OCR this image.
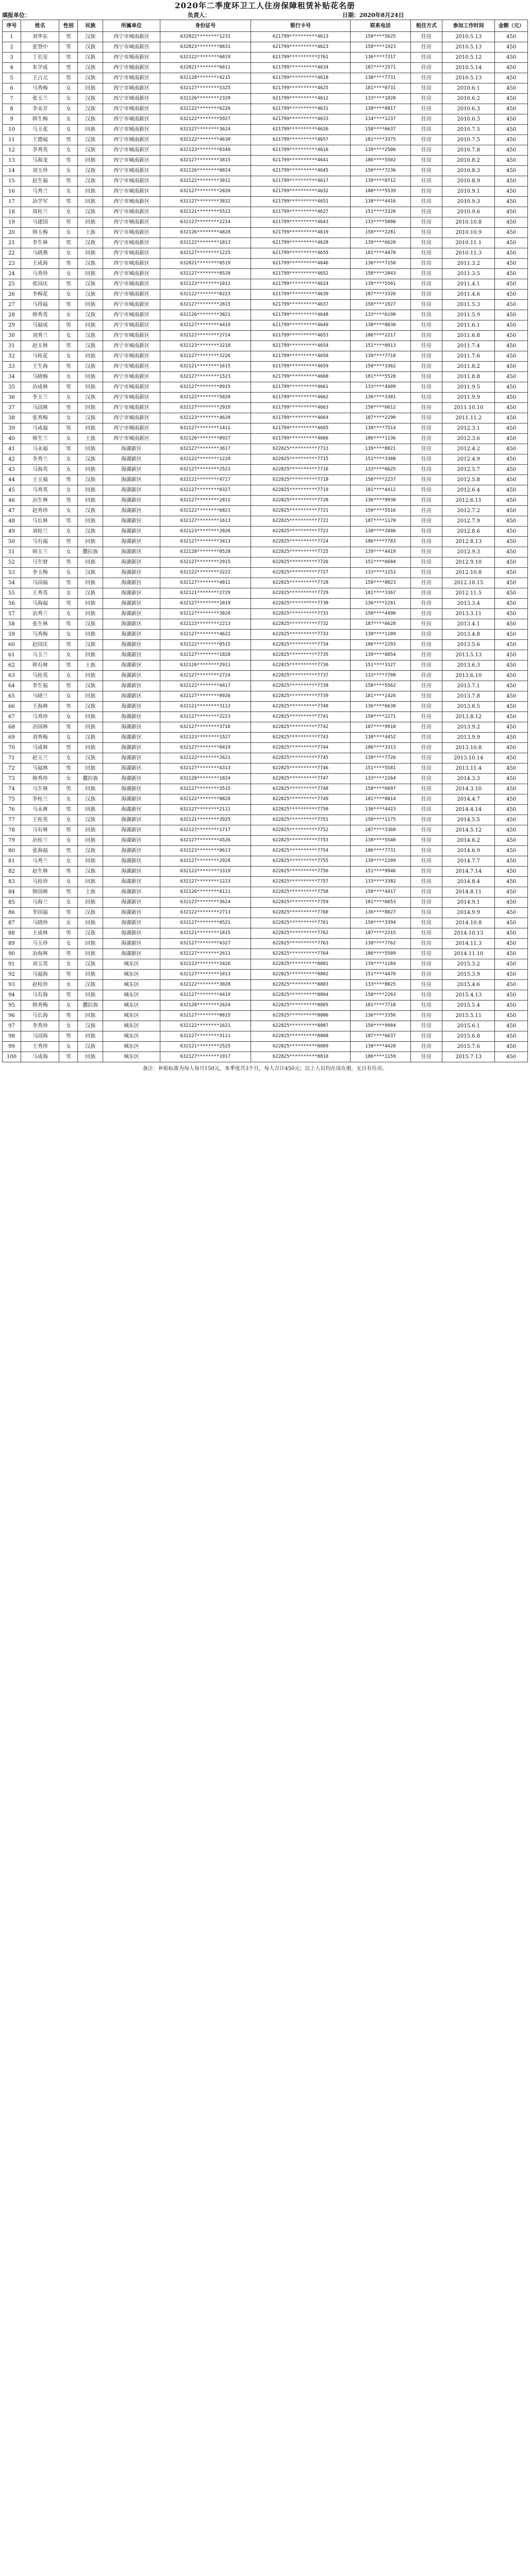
2020年二季度环卫工人住房保障租赁补贴花名册
填报单位：	负责人：	日期：2020年8月24日
序号	姓名	性别	民族	所属单位	身份证号	银行卡号	联系电话	租住方式	参加工作时间	金额（元）
1	刘华东	男	汉族	西宁市城南新区	632822********1231	621799**********4613	158****5625	住房	2010.5.13	450
2	张登中	男	汉族	西宁市城南新区	632823********0831	621799**********4623	158****1923	住房	2010.5.13	450
3	丁长安	男	汉族	西宁市城南新区	632122********6019	621799**********2761	136****7217	住房	2010.5.12	450
4	朱学成	男	汉族	西宁市城南新区	632821********6011	621799**********4634	187****2571	住房	2010.5.14	450
5	王占元	男	汉族	西宁市城南新区	632128********4215	621799**********4618	138****7731	住房	2010.5.13	450
6	马秀梅	女	回族	西宁市城南新区	632127********5325	621799**********4625	181****0731	住房	2010.6.1	450
7	张玉兰	女	汉族	西宁市城南新区	632126********2320	621799**********4612	133****1820	住房	2010.6.2	450
8	李永芳	女	汉族	西宁市城南新区	632122********6226	621799**********4631	138****0817	住房	2010.6.3	450
9	韩生梅	女	汉族	西宁市城南新区	632122********5927	621799**********4633	134****1237	住房	2010.6.3	450
10	马玉花	女	回族	西宁市城南新区	632127********3624	621799**********4626	158****6637	住房	2010.7.5	450
11	王德福	男	汉族	西宁市城南新区	632122********4630	621799**********4657	181****3375	住房	2010.7.5	450
12	李秀英	女	汉族	西宁市城南新区	632123********0348	621799**********4616	139****2506	住房	2010.7.8	450
13	马海龙	男	回族	西宁市城南新区	632127********3815	621799**********4641	186****5502	住房	2010.8.2	450
14	刘玉珍	女	汉族	西宁市城南新区	632126********0024	621799**********4645	150****7236	住房	2010.8.3	450
15	赵生福	男	汉族	西宁市城南新区	632122********3011	621799**********4617	139****0712	住房	2010.8.9	450
16	马秀兰	女	回族	西宁市城南新区	632127********2020	621799**********4632	188****5539	住房	2010.9.1	450
17	冶学军	男	回族	西宁市城南新区	632127********3832	621799**********4651	138****4416	住房	2010.9.3	450
18	周桂兰	女	汉族	西宁市城南新区	632121********5522	621799**********4627	151****3326	住房	2010.9.6	450
19	马建国	男	回族	西宁市城南新区	632127********2214	621799**********4643	133****5806	住房	2010.10.8	450
20	韩玉梅	女	土族	西宁市城南新区	632126********4828	621799**********4619	158****2281	住房	2010.10.9	450
21	李生林	男	汉族	西宁市城南新区	632122********1813	621799**********4628	139****6620	住房	2010.11.1	450
22	马晓燕	女	回族	西宁市城南新区	632127********1225	621799**********4655	181****4470	住房	2010.11.3	450
23	王成海	男	汉族	西宁市城南新区	632821********0519	621799**********4646	136****7158	住房	2011.3.2	450
24	马秀珍	女	回族	西宁市城南新区	632127********0528	621799**********4652	150****2043	住房	2011.3.5	450
25	张国庆	男	汉族	西宁市城南新区	632123********1011	621799**********4624	139****5501	住房	2011.4.1	450
26	李梅花	女	汉族	西宁市城南新区	632122********0223	621799**********4639	187****3326	住房	2011.4.6	450
27	马得福	男	回族	西宁市城南新区	632127********2815	621799**********4637	158****1927	住房	2011.5.3	450
28	韩秀英	女	汉族	西宁市城南新区	632126********3821	621799**********4648	133****6190	住房	2011.5.9	450
29	马福成	男	回族	西宁市城南新区	632127********4419	621799**********4649	138****8830	住房	2011.6.1	450
30	刘秀兰	女	汉族	西宁市城南新区	632122********2724	621799**********4653	186****2217	住房	2011.6.8	450
31	赵玉林	男	汉族	西宁市城南新区	632123********3218	621799**********4654	151****0913	住房	2011.7.4	450
32	马桂花	女	回族	西宁市城南新区	632127********3226	621799**********4658	139****7718	住房	2011.7.6	450
33	王生海	男	汉族	西宁市城南新区	632121********1615	621799**********4659	158****3362	住房	2011.8.2	450
34	马晓梅	女	回族	西宁市城南新区	632127********1523	621799**********4660	181****5528	住房	2011.8.8	450
35	冶成林	男	回族	西宁市城南新区	632127********0915	621799**********4661	133****4409	住房	2011.9.5	450
36	李玉兰	女	汉族	西宁市城南新区	632122********5020	621799**********4662	136****3301	住房	2011.9.9	450
37	马国林	男	回族	西宁市城南新区	632127********2919	621799**********4663	150****6612	住房	2011.10.10	450
38	张秀梅	女	汉族	西宁市城南新区	632123********4620	621799**********4664	187****2290	住房	2011.11.2	450
39	马成福	男	回族	西宁市城南新区	632127********1411	621799**********4665	138****7514	住房	2012.3.1	450
40	韩生兰	女	土族	西宁市城南新区	632126********0927	621799**********4666	186****1136	住房	2012.3.6	450
41	马永福	男	回族	海湖新区	632127********3617	622825**********7713	139****8821	住房	2012.4.2	450
42	李秀兰	女	汉族	海湖新区	632122********1220	622825**********7715	151****3308	住房	2012.4.9	450
43	马海英	女	回族	海湖新区	632127********2523	622825**********7716	133****6625	住房	2012.5.7	450
44	王玉福	男	汉族	海湖新区	632121********4717	622825**********7718	158****2237	住房	2012.5.8	450
45	马秀英	女	回族	海湖新区	632127********0327	622825**********7719	181****4412	住房	2012.6.4	450
46	冶生林	男	回族	海湖新区	632127********2811	622825**********7720	136****9930	住房	2012.6.11	450
47	赵秀珍	女	汉族	海湖新区	632122********6821	622825**********7721	150****5516	住房	2012.7.2	450
48	马长林	男	回族	海湖新区	632127********1613	622825**********7722	187****1170	住房	2012.7.9	450
49	刘桂兰	女	汉族	海湖新区	632123********2026	622825**********7723	138****2846	住房	2012.8.6	450
50	马有福	男	回族	海湖新区	632127********3413	622825**********7724	186****7783	住房	2012.8.13	450
51	韩玉兰	女	撒拉族	海湖新区	632128********0520	622825**********7725	139****4419	住房	2012.9.3	450
52	马生财	男	回族	海湖新区	632127********2915	622825**********7726	151****6604	住房	2012.9.10	450
53	李玉梅	女	汉族	海湖新区	632122********3222	622825**********7727	133****1152	住房	2012.10.8	450
54	马国福	男	回族	海湖新区	632127********4011	622825**********7728	158****8823	住房	2012.10.15	450
55	王秀英	女	汉族	海湖新区	632121********2729	622825**********7729	181****3367	住房	2012.11.5	450
56	马海福	男	回族	海湖新区	632127********1019	622825**********7730	136****2281	住房	2013.3.4	450
57	冶秀兰	女	回族	海湖新区	632127********3820	622825**********7731	150****4490	住房	2013.3.11	450
58	张生林	男	汉族	海湖新区	632123********2213	622825**********7732	187****6620	住房	2013.4.1	450
59	马秀梅	女	回族	海湖新区	632127********4622	622825**********7733	138****1109	住房	2013.4.8	450
60	赵国庆	男	汉族	海湖新区	632122********0515	622825**********7734	186****2293	住房	2013.5.6	450
61	马玉兰	女	回族	海湖新区	632127********1828	622825**********7735	139****8854	住房	2013.5.13	450
62	韩有林	男	土族	海湖新区	632126********2911	622825**********7736	151****3327	住房	2013.6.3	450
63	马桂英	女	回族	海湖新区	632127********2724	622825**********7737	133****7708	住房	2013.6.10	450
64	李生福	男	汉族	海湖新区	632122********4417	622825**********7738	158****5562	住房	2013.7.1	450
65	马晓兰	女	回族	海湖新区	632127********0926	622825**********7739	181****1426	住房	2013.7.8	450
66	王海林	男	汉族	海湖新区	632121********3113	622825**********7740	136****6630	住房	2013.8.5	450
67	马秀珍	女	回族	海湖新区	632127********2223	622825**********7741	150****2271	住房	2013.8.12	450
68	冶国林	男	回族	海湖新区	632127********3716	622825**********7742	187****9918	住房	2013.9.2	450
69	刘秀梅	女	汉族	海湖新区	632123********1527	622825**********7743	138****4452	住房	2013.9.9	450
70	马成林	男	回族	海湖新区	632127********0419	622825**********7744	186****3313	住房	2013.10.8	450
71	赵玉兰	女	汉族	海湖新区	632122********2621	622825**********7745	139****7726	住房	2013.10.14	450
72	马福林	男	回族	海湖新区	632127********4313	622825**********7746	151****5581	住房	2013.11.4	450
73	韩秀珍	女	撒拉族	海湖新区	632128********1824	622825**********7747	133****2264	住房	2014.3.3	450
74	马生林	男	回族	海湖新区	632127********3515	622825**********7748	158****6697	住房	2014.3.10	450
75	李桂兰	女	汉族	海湖新区	632122********0828	622825**********7749	181****8814	住房	2014.4.7	450
76	马永林	男	回族	海湖新区	632127********2111	622825**********7750	136****4423	住房	2014.4.14	450
77	王桂英	女	汉族	海湖新区	632121********3925	622825**********7751	150****1175	住房	2014.5.5	450
78	马有林	男	回族	海湖新区	632127********1717	622825**********7752	187****3368	住房	2014.5.12	450
79	冶桂兰	女	回族	海湖新区	632127********4526	622825**********7753	138****5540	住房	2014.6.2	450
80	张海福	男	汉族	海湖新区	632123********0613	622825**********7754	186****7731	住房	2014.6.9	450
81	马秀兰	女	回族	海湖新区	632127********2928	622825**********7755	139****2209	住房	2014.7.7	450
82	赵生林	男	汉族	海湖新区	632122********3319	622825**********7756	151****9946	住房	2014.7.14	450
83	马桂珍	女	回族	海湖新区	632127********1223	622825**********7757	133****3382	住房	2014.8.4	450
84	韩国林	男	土族	海湖新区	632126********4111	622825**********7758	158****4417	住房	2014.8.11	450
85	马海兰	女	回族	海湖新区	632127********3624	622825**********7759	181****6653	住房	2014.9.1	450
86	李国福	男	汉族	海湖新区	632122********2713	622825**********7760	136****8827	住房	2014.9.9	450
87	马晓珍	女	回族	海湖新区	632127********0521	622825**********7761	150****3394	住房	2014.10.8	450
88	王成林	男	汉族	海湖新区	632121********1815	622825**********7762	187****2215	住房	2014.10.13	450
89	马玉珍	女	回族	海湖新区	632127********4327	622825**********7763	138****7762	住房	2014.11.3	450
90	冶海林	男	回族	海湖新区	632127********2611	622825**********7764	186****5509	住房	2014.11.10	450
91	刘玉英	女	汉族	城东区	632123********3426	622825**********8801	139****1184	住房	2015.3.2	450
92	马福海	男	回族	城东区	632127********1013	622825**********8802	151****4470	住房	2015.3.9	450
93	赵桂珍	女	汉族	城东区	632122********3028	622825**********8803	133****8825	住房	2015.4.6	450
94	马有海	男	回族	城东区	632127********4419	622825**********8804	158****2263	住房	2015.4.13	450
95	韩秀梅	女	撒拉族	城东区	632128********2624	622825**********8805	181****7718	住房	2015.5.4	450
96	马长海	男	回族	城东区	632127********0815	622825**********8806	136****3356	住房	2015.5.11	450
97	李秀珍	女	汉族	城东区	632122********1621	622825**********8807	150****9904	住房	2015.6.1	450
98	马国海	男	回族	城东区	632127********3111	622825**********8808	187****6637	住房	2015.6.8	450
99	王秀珍	女	汉族	城东区	632121********2525	622825**********8809	138****4428	住房	2015.7.6	450
100	马成海	男	回族	城东区	632127********1917	622825**********8810	186****1159	住房	2015.7.13	450
备注：补贴标准为每人每月150元，本季度共3个月，每人合计450元；以上人员均在岗在册，无自有住房。
